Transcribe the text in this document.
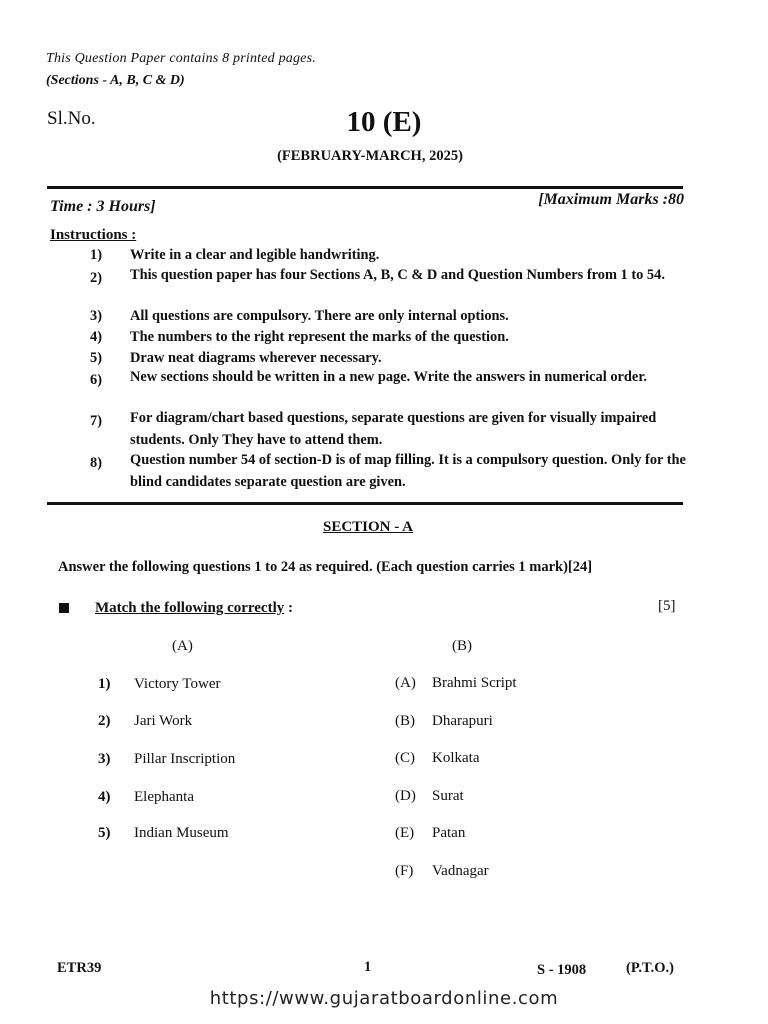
This Question Paper contains 8 printed pages.
(Sections - A, B, C & D)
Sl.No.	10 (E)
(FEBRUARY-MARCH, 2025)
Time : 3 Hours]	[Maximum Marks :80
Instructions :
1)	Write in a clear and legible handwriting.
2)	This question paper has four Sections A, B, C & D and Question Numbers from 1 to 54.
3)	All questions are compulsory. There are only internal options.
4)	The numbers to the right represent the marks of the question.
5)	Draw neat diagrams wherever necessary.
6)	New sections should be written in a new page. Write the answers in numerical order.
7)	For diagram/chart based questions, separate questions are given for visually impaired students. Only They have to attend them.
8)	Question number 54 of section-D is of map filling. It is a compulsory question. Only for the blind candidates separate question are given.
SECTION - A
Answer the following questions 1 to 24 as required. (Each question carries 1 mark)[24]
Match the following correctly :	[5]
(A)	(B)
1) Victory Tower
2) Jari Work
3) Pillar Inscription
4) Elephanta
5) Indian Museum
(A) Brahmi Script
(B) Dharapuri
(C) Kolkata
(D) Surat
(E) Patan
(F) Vadnagar
ETR39	1	S - 1908	(P.T.O.)
https://www.gujaratboardonline.com
